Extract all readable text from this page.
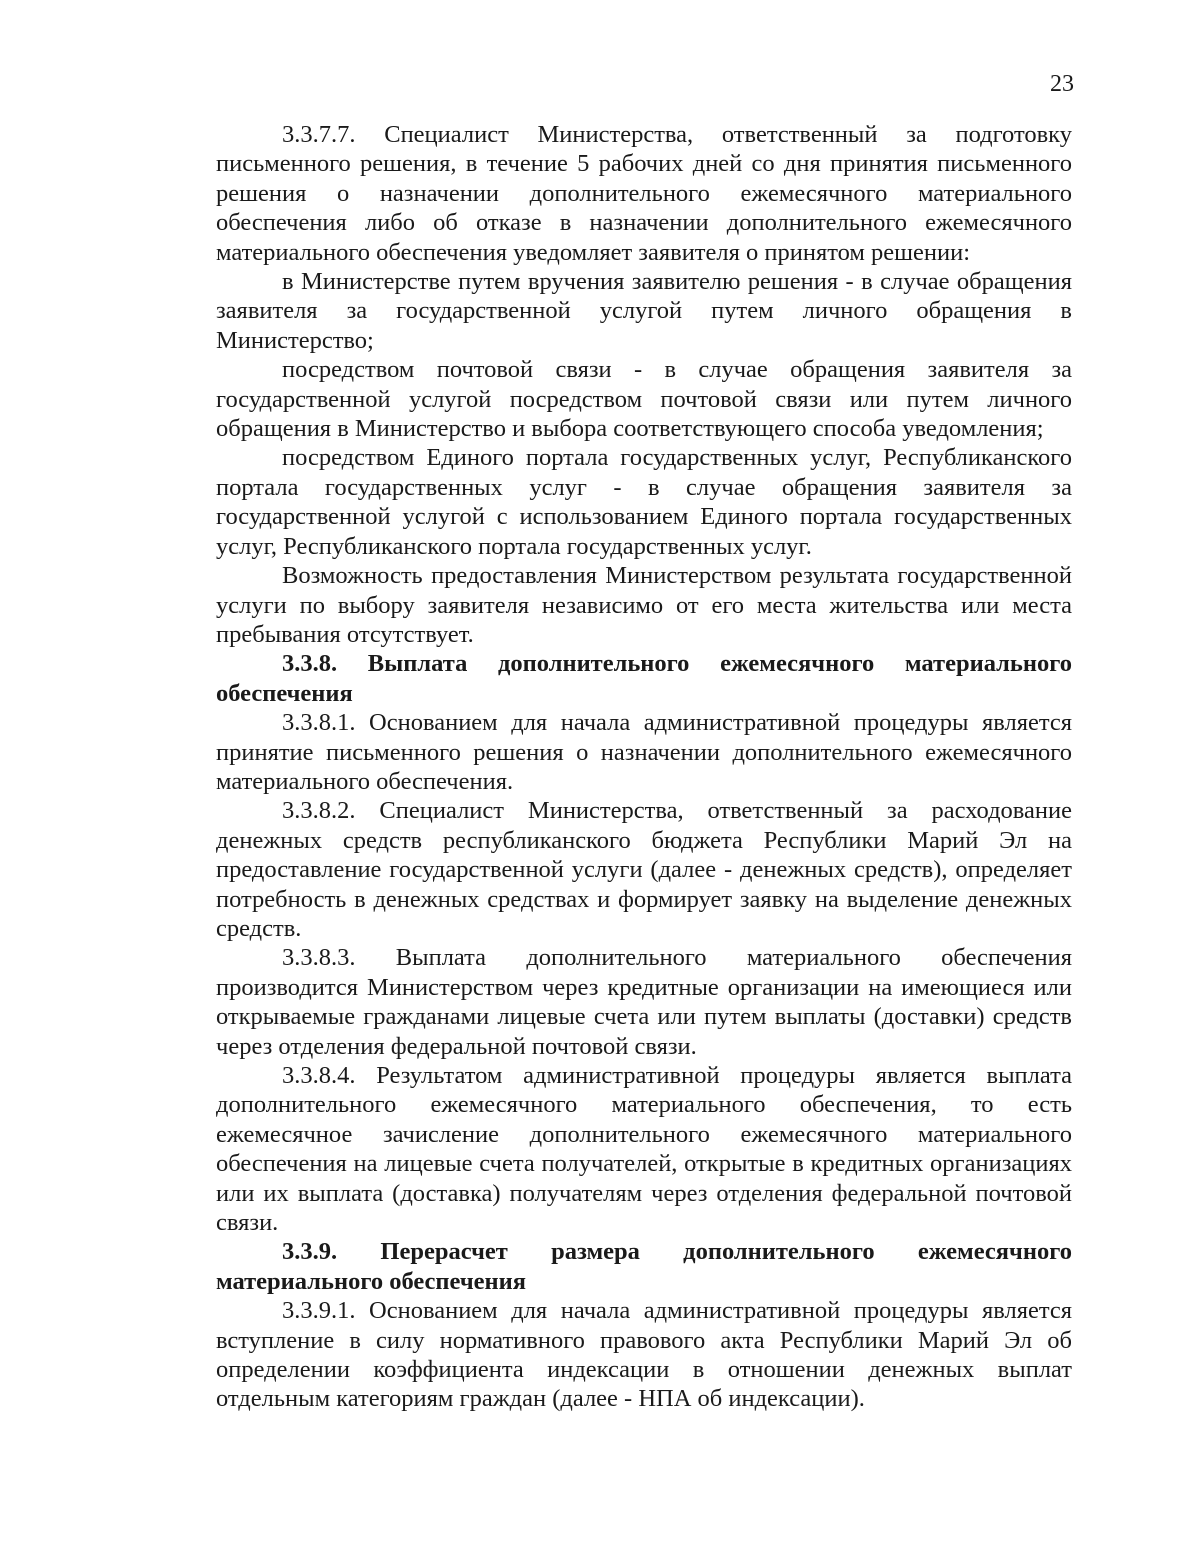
23

3.3.7.7. Специалист Министерства, ответственный за подготовку письменного решения, в течение 5 рабочих дней со дня принятия письменного решения о назначении дополнительного ежемесячного материального обеспечения либо об отказе в назначении дополнительного ежемесячного материального обеспечения уведомляет заявителя о принятом решении:

в Министерстве путем вручения заявителю решения - в случае обращения заявителя за государственной услугой путем личного обращения в Министерство;

посредством почтовой связи - в случае обращения заявителя за государственной услугой посредством почтовой связи или путем личного обращения в Министерство и выбора соответствующего способа уведомления;

посредством Единого портала государственных услуг, Республиканского портала государственных услуг - в случае обращения заявителя за государственной услугой с использованием Единого портала государственных услуг, Республиканского портала государственных услуг.

Возможность предоставления Министерством результата государственной услуги по выбору заявителя независимо от его места жительства или места пребывания отсутствует.

3.3.8. Выплата дополнительного ежемесячного материального обеспечения

3.3.8.1. Основанием для начала административной процедуры является принятие письменного решения о назначении дополнительного ежемесячного материального обеспечения.

3.3.8.2. Специалист Министерства, ответственный за расходование денежных средств республиканского бюджета Республики Марий Эл на предоставление государственной услуги (далее - денежных средств), определяет потребность в денежных средствах и формирует заявку на выделение денежных средств.

3.3.8.3. Выплата дополнительного материального обеспечения производится Министерством через кредитные организации на имеющиеся или открываемые гражданами лицевые счета или путем выплаты (доставки) средств через отделения федеральной почтовой связи.

3.3.8.4. Результатом административной процедуры является выплата дополнительного ежемесячного материального обеспечения, то есть ежемесячное зачисление дополнительного ежемесячного материального обеспечения на лицевые счета получателей, открытые в кредитных организациях или их выплата (доставка) получателям через отделения федеральной почтовой связи.

3.3.9. Перерасчет размера дополнительного ежемесячного материального обеспечения

3.3.9.1. Основанием для начала административной процедуры является вступление в силу нормативного правового акта Республики Марий Эл об определении коэффициента индексации в отношении денежных выплат отдельным категориям граждан (далее - НПА об индексации).
